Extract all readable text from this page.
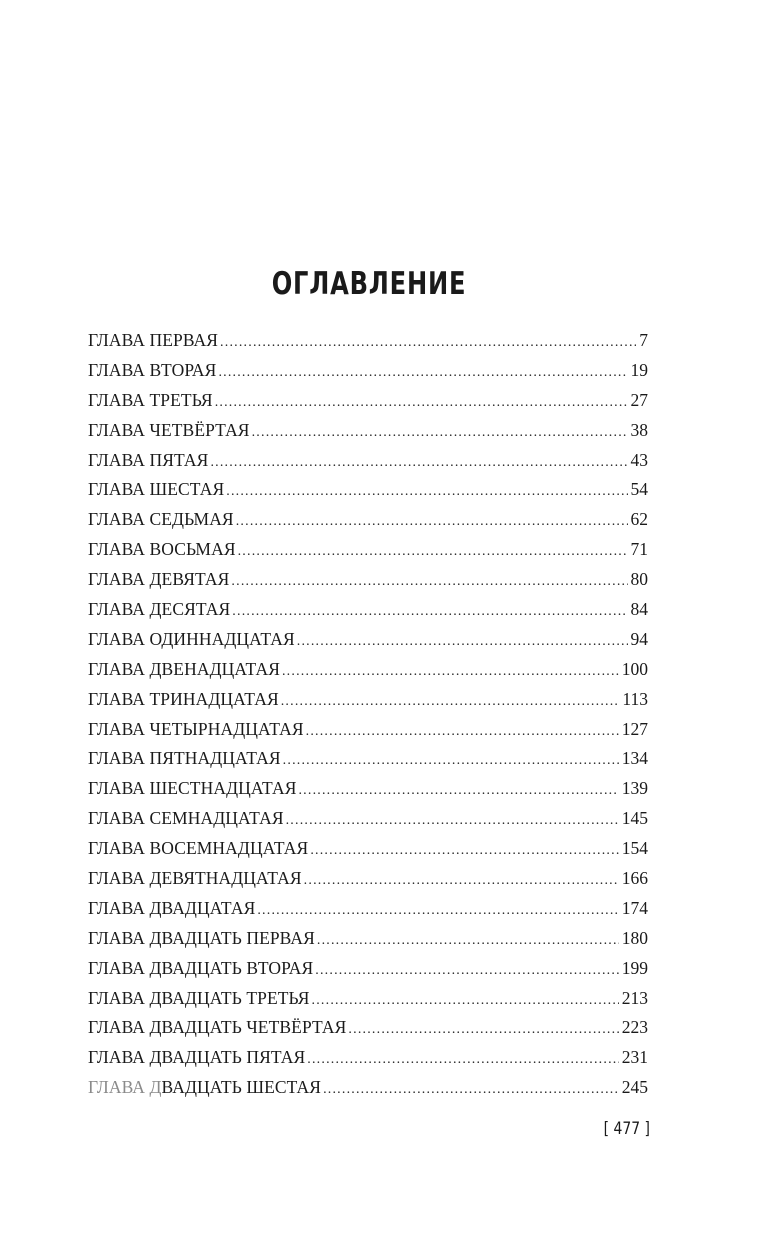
ОГЛАВЛЕНИЕ
ГЛАВА ПЕРВАЯ .....	7
ГЛАВА ВТОРАЯ .....	19
ГЛАВА ТРЕТЬЯ .....	27
ГЛАВА ЧЕТВЁРТАЯ .....	38
ГЛАВА ПЯТАЯ .....	43
ГЛАВА ШЕСТАЯ .....	54
ГЛАВА СЕДЬМАЯ .....	62
ГЛАВА ВОСЬМАЯ .....	71
ГЛАВА ДЕВЯТАЯ .....	80
ГЛАВА ДЕСЯТАЯ .....	84
ГЛАВА ОДИННАДЦАТАЯ .....	94
ГЛАВА ДВЕНАДЦАТАЯ .....	100
ГЛАВА ТРИНАДЦАТАЯ .....	113
ГЛАВА ЧЕТЫРНАДЦАТАЯ .....	127
ГЛАВА ПЯТНАДЦАТАЯ .....	134
ГЛАВА ШЕСТНАДЦАТАЯ .....	139
ГЛАВА СЕМНАДЦАТАЯ .....	145
ГЛАВА ВОСЕМНАДЦАТАЯ .....	154
ГЛАВА ДЕВЯТНАДЦАТАЯ .....	166
ГЛАВА ДВАДЦАТАЯ .....	174
ГЛАВА ДВАДЦАТЬ ПЕРВАЯ .....	180
ГЛАВА ДВАДЦАТЬ ВТОРАЯ .....	199
ГЛАВА ДВАДЦАТЬ ТРЕТЬЯ .....	213
ГЛАВА ДВАДЦАТЬ ЧЕТВЁРТАЯ .....	223
ГЛАВА ДВАДЦАТЬ ПЯТАЯ .....	231
ГЛАВА ДВАДЦАТЬ ШЕСТАЯ .....	245
[ 477 ]
